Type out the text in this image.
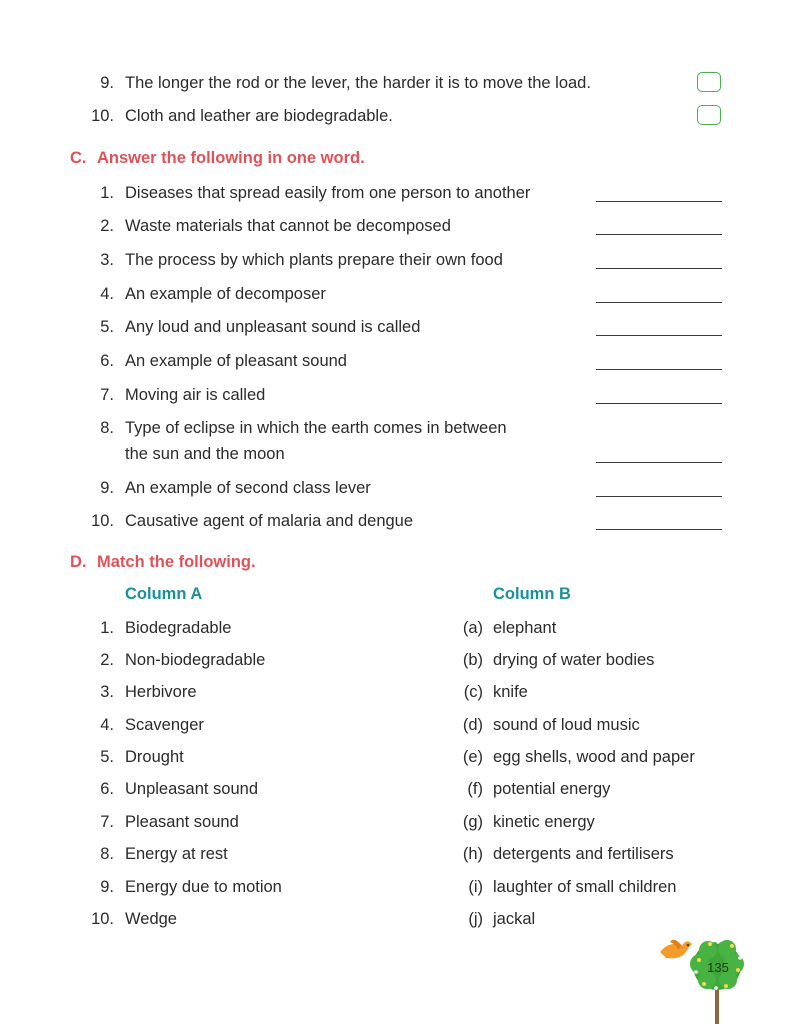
9. The longer the rod or the lever, the harder it is to move the load.
10. Cloth and leather are biodegradable.
C. Answer the following in one word.
1. Diseases that spread easily from one person to another
2. Waste materials that cannot be decomposed
3. The process by which plants prepare their own food
4. An example of decomposer
5. Any loud and unpleasant sound is called
6. An example of pleasant sound
7. Moving air is called
8. Type of eclipse in which the earth comes in between
the sun and the moon
9. An example of second class lever
10. Causative agent of malaria and dengue
D. Match the following.
Column A	Column B
1. Biodegradable
2. Non-biodegradable
3. Herbivore
4. Scavenger
5. Drought
6. Unpleasant sound
7. Pleasant sound
8. Energy at rest
9. Energy due to motion
10. Wedge
(a) elephant
(b) drying of water bodies
(c) knife
(d) sound of loud music
(e) egg shells, wood and paper
(f) potential energy
(g) kinetic energy
(h) detergents and fertilisers
(i) laughter of small children
(j) jackal
135
